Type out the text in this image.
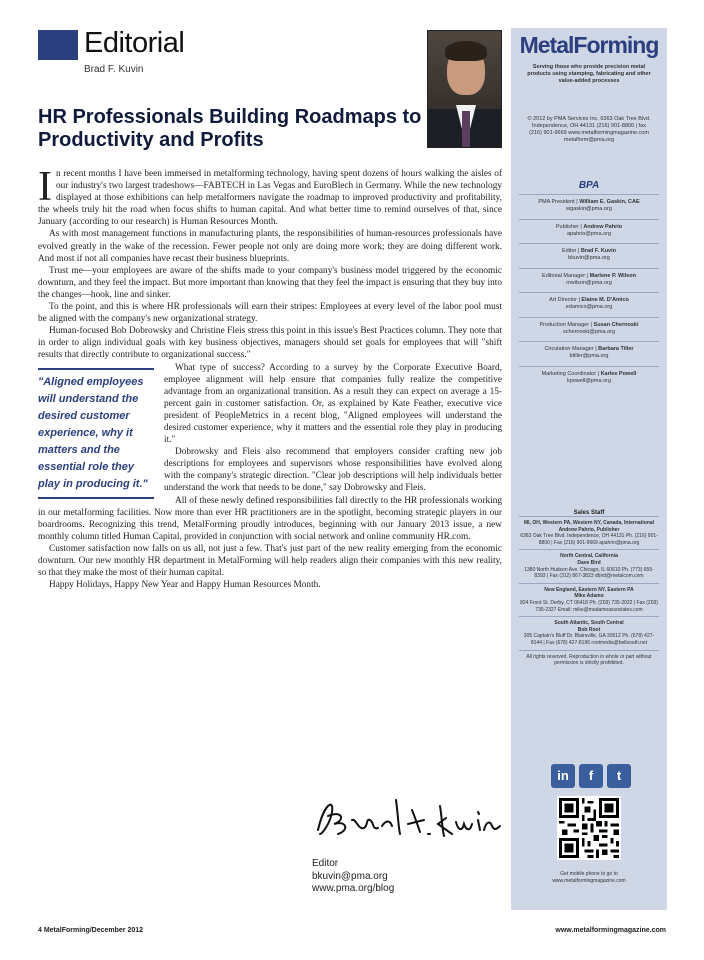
Editorial
Brad F. Kuvin
HR Professionals Building Roadmaps to Productivity and Profits

In recent months I have been immersed in metalforming technology, having spent dozens of hours walking the aisles of our industry's two largest tradeshows—FABTECH in Las Vegas and EuroBlech in Germany. While the new technology displayed at those exhibitions can help metalformers navigate the roadmap to improved productivity and profitability, the wheels truly hit the road when focus shifts to human capital. And what better time to remind ourselves of that, since January (according to our research) is Human Resources Month.

As with most management functions in manufacturing plants, the responsibilities of human-resources professionals have evolved greatly in the wake of the recession. Fewer people not only are doing more work; they are doing different work. And most if not all companies have recast their business blueprints.

Trust me—your employees are aware of the shifts made to your company's business model triggered by the economic downturn, and they feel the impact. But more important than knowing that they feel the impact is ensuring that they buy into the changes—hook, line and sinker.

To the point, and this is where HR professionals will earn their stripes: Employees at every level of the labor pool must be aligned with the company's new organizational strategy.

Human-focused Bob Dobrowsky and Christine Fleis stress this point in this issue's Best Practices column. They note that in order to align individual goals with key business objectives, managers should set goals for employees that will "shift results that directly contribute to organizational success."

"Aligned employees will understand the desired customer experience, why it matters and the essential role they play in producing it."

What type of success? According to a survey by the Corporate Executive Board, employee alignment will help ensure that companies fully realize the competitive advantage from an organizational transition. As a result they can expect on average a 15-percent gain in customer satisfaction. Or, as explained by Kate Feather, executive vice president of PeopleMetrics in a recent blog, "Aligned employees will understand the desired customer experience, why it matters and the essential role they play in producing it."

Dobrowsky and Fleis also recommend that employers consider crafting new job descriptions for employees and supervisors whose responsibilities have evolved along with the company's strategic direction. "Clear job descriptions will help individuals better understand the work that needs to be done," say Dobrowsky and Fleis.

All of these newly defined responsibilities fall directly to the HR professionals working in our metalforming facilities. Now more than ever HR practitioners are in the spotlight, becoming strategic players in our boardrooms. Recognizing this trend, MetalForming proudly introduces, beginning with our January 2013 issue, a new monthly column titled Human Capital, provided in conjunction with social network and online community HR.com.

Customer satisfaction now falls on us all, not just a few. That's just part of the new reality emerging from the economic downturn. Our new monthly HR department in MetalForming will help readers align their companies with this new reality, so that they make the most of their human capital.

Happy Holidays, Happy New Year and Happy Human Resources Month.

Editor
bkuvin@pma.org
www.pma.org/blog
4 MetalForming/December 2012	www.metalformingmagazine.com
MetalForming
Serving those who provide precision metal products using stamping, fabricating and other value-added processes
© 2012 by PMA Services Inc. 6363 Oak Tree Blvd. Independence, OH 44131 (216) 901-8800 | fax (216) 901-9669 www.metalformingmagazine.com metalform@pma.org
BPA
PMA President | William E. Gaskin, CAE
wgaskin@pma.org
Publisher | Andrew Pahrio
apahrio@pma.org
Editor | Brad F. Kuvin
bkuvin@pma.org
Editorial Manager | Marlene P. Wilson
mwilson@pma.org
Art Director | Elaine M. D'Amico
edamico@pma.org
Production Manager | Susan Chernoski
schernoski@pma.org
Circulation Manager | Barbara Tiller
btiller@pma.org
Marketing Coordinator | Karlee Powell
kpowell@pma.org
Sales Staff
MI, OH, Western PA, Western NY, Canada, International
Andrew Pahrio, Publisher
6363 Oak Tree Blvd. Independence, OH 44131 Ph. (216) 901-8800 | Fax (216) 901-9669 apahrio@pma.org
North Central, California
Dave Bird
1380 North Hudson Ave. Chicago, IL 60610 Ph. (773) 655-8393 | Fax (312) 867-3823 dbird@metalcom.com
New England, Eastern NY, Eastern PA
Mike Adamo
824 Front St. Derby, CT 06418 Ph. (203) 735-2022 | Fax (203) 735-2327 Email: mike@madamoassociates.com
South Atlantic, South Central
Bob Root
305 Captain's Bluff Dr. Blairsville, GA 30512 Ph. (678) 427-8144 | Fax (678) 427-8196 rootmedia@bellsouth.net
All rights reserved. Reproduction in whole or part without permission is strictly prohibited.
in	f	t
Get mobile phone to go to www.metalformingmagazine.com
